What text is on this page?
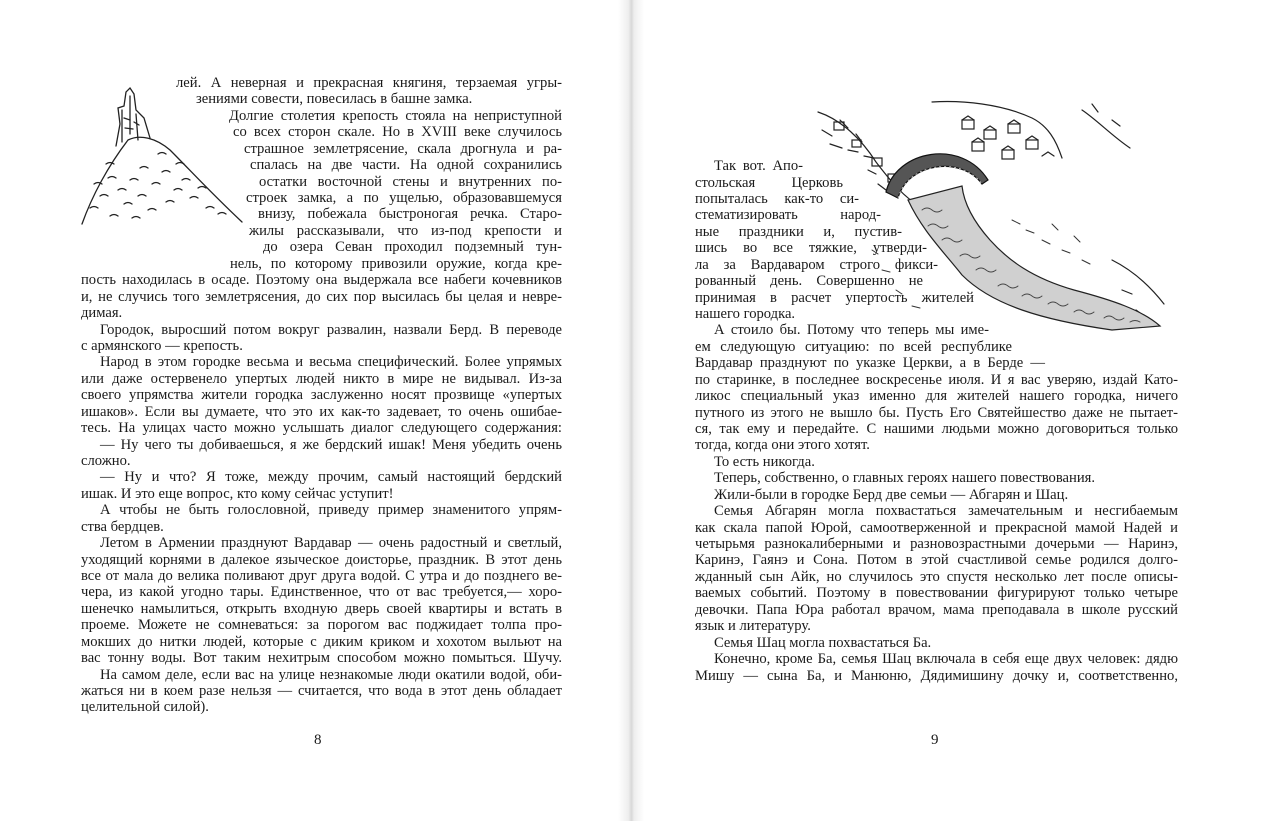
лей. А неверная и прекрасная княгиня, терзаемая угры-
зениями совести, повесилась в башне замка.
Долгие столетия крепость стояла на неприступной
со всех сторон скале. Но в XVIII веке случилось
страшное землетрясение, скала дрогнула и ра-
спалась на две части. На одной сохранились
остатки восточной стены и внутренних по-
строек замка, а по ущелью, образовавшемуся
внизу, побежала быстроногая речка. Старо-
жилы рассказывали, что из-под крепости и
до озера Севан проходил подземный тун-
нель, по которому привозили оружие, когда кре-
пость находилась в осаде. Поэтому она выдержала все набеги кочевников
и, не случись того землетрясения, до сих пор высилась бы целая и невре-
димая.
Городок, выросший потом вокруг развалин, назвали Берд. В переводе
с армянского — крепость.
Народ в этом городке весьма и весьма специфический. Более упрямых
или даже остервенело упертых людей никто в мире не видывал. Из-за
своего упрямства жители городка заслуженно носят прозвище «упертых
ишаков». Если вы думаете, что это их как-то задевает, то очень ошибае-
тесь. На улицах часто можно услышать диалог следующего содержания:
— Ну чего ты добиваешься, я же бердский ишак! Меня убедить очень
сложно.
— Ну и что? Я тоже, между прочим, самый настоящий бердский
ишак. И это еще вопрос, кто кому сейчас уступит!
А чтобы не быть голословной, приведу пример знаменитого упрям-
ства бердцев.
Летом в Армении празднуют Вардавар — очень радостный и светлый,
уходящий корнями в далекое языческое доисторье, праздник. В этот день
все от мала до велика поливают друг друга водой. С утра и до позднего ве-
чера, из какой угодно тары. Единственное, что от вас требуется,— хоро-
шенечко намылиться, открыть входную дверь своей квартиры и встать в
проеме. Можете не сомневаться: за порогом вас поджидает толпа про-
мокших до нитки людей, которые с диким криком и хохотом выльют на
вас тонну воды. Вот таким нехитрым способом можно помыться. Шучу.
На самом деле, если вас на улице незнакомые люди окатили водой, оби-
жаться ни в коем разе нельзя — считается, что вода в этот день обладает
целительной силой).
Так вот. Апо-
стольская Церковь
попыталась как-то си-
стематизировать народ-
ные праздники и, пустив-
шись во все тяжкие, утверди-
ла за Вардаваром строго фикси-
рованный день. Совершенно не
принимая в расчет упертость жителей
нашего городка.
А стоило бы. Потому что теперь мы име-
ем следующую ситуацию: по всей республике
Вардавар празднуют по указке Церкви, а в Берде —
по старинке, в последнее воскресенье июля. И я вас уверяю, издай Като-
ликос специальный указ именно для жителей нашего городка, ничего
путного из этого не вышло бы. Пусть Его Святейшество даже не пытает-
ся, так ему и передайте. С нашими людьми можно договориться только
тогда, когда они этого хотят.
То есть никогда.
Теперь, собственно, о главных героях нашего повествования.
Жили-были в городке Берд две семьи — Абгарян и Шац.
Семья Абгарян могла похвастаться замечательным и несгибаемым
как скала папой Юрой, самоотверженной и прекрасной мамой Надей и
четырьмя разнокалиберными и разновозрастными дочерьми — Наринэ,
Каринэ, Гаянэ и Сона. Потом в этой счастливой семье родился долго-
жданный сын Айк, но случилось это спустя несколько лет после описы-
ваемых событий. Поэтому в повествовании фигурируют только четыре
девочки. Папа Юра работал врачом, мама преподавала в школе русский
язык и литературу.
Семья Шац могла похвастаться Ба.
Конечно, кроме Ба, семья Шац включала в себя еще двух человек: дядю
Мишу — сына Ба, и Манюню, Дядимишину дочку и, соответственно,
8	9
